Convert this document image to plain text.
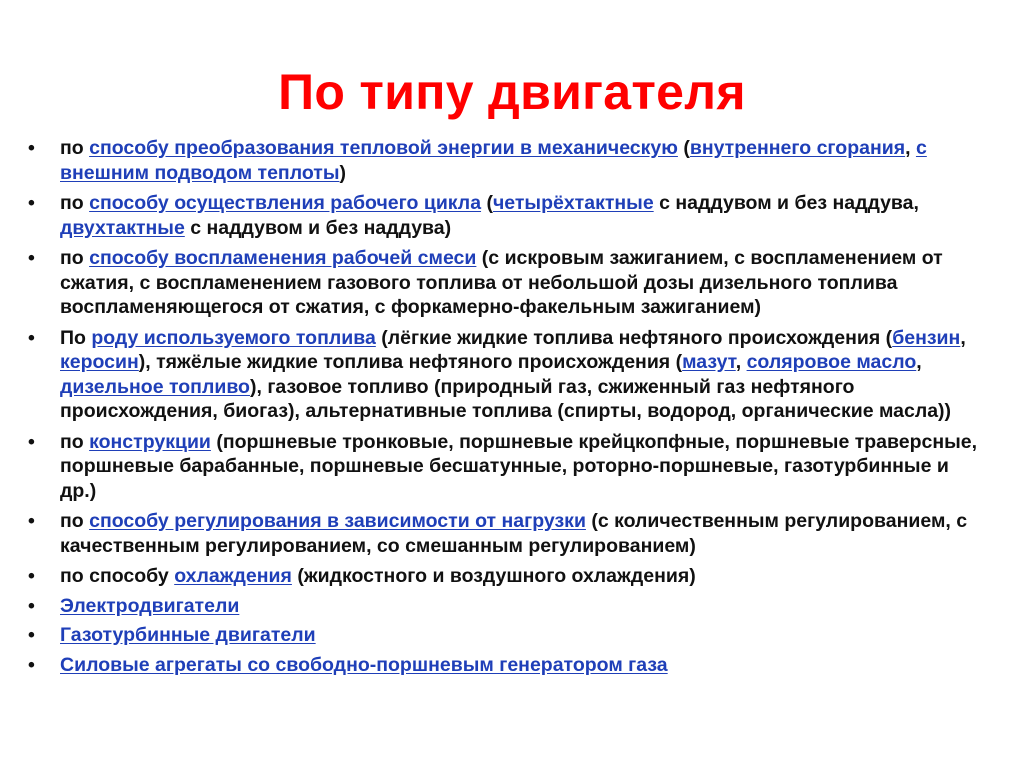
По типу двигателя
• по способу преобразования тепловой энергии в механическую (внутреннего сгорания, с внешним подводом теплоты)
• по способу осуществления рабочего цикла (четырёхтактные с наддувом и без наддува, двухтактные с наддувом и без наддува)
• по способу воспламенения рабочей смеси (с искровым зажиганием, с воспламенением от сжатия, с воспламенением газового топлива от небольшой дозы дизельного топлива воспламеняющегося от сжатия, с форкамерно-факельным зажиганием)
• По роду используемого топлива (лёгкие жидкие топлива нефтяного происхождения (бензин, керосин), тяжёлые жидкие топлива нефтяного происхождения (мазут, соляровое масло, дизельное топливо), газовое топливо (природный газ, сжиженный газ нефтяного происхождения, биогаз), альтернативные топлива (спирты, водород, органические масла))
• по конструкции (поршневые тронковые, поршневые крейцкопфные, поршневые траверсные, поршневые барабанные, поршневые бесшатунные, роторно-поршневые, газотурбинные и др.)
• по способу регулирования в зависимости от нагрузки (с количественным регулированием, с качественным регулированием, со смешанным регулированием)
• по способу охлаждения (жидкостного и воздушного охлаждения)
• Электродвигатели
• Газотурбинные двигатели
• Силовые агрегаты со свободно-поршневым генератором газа
